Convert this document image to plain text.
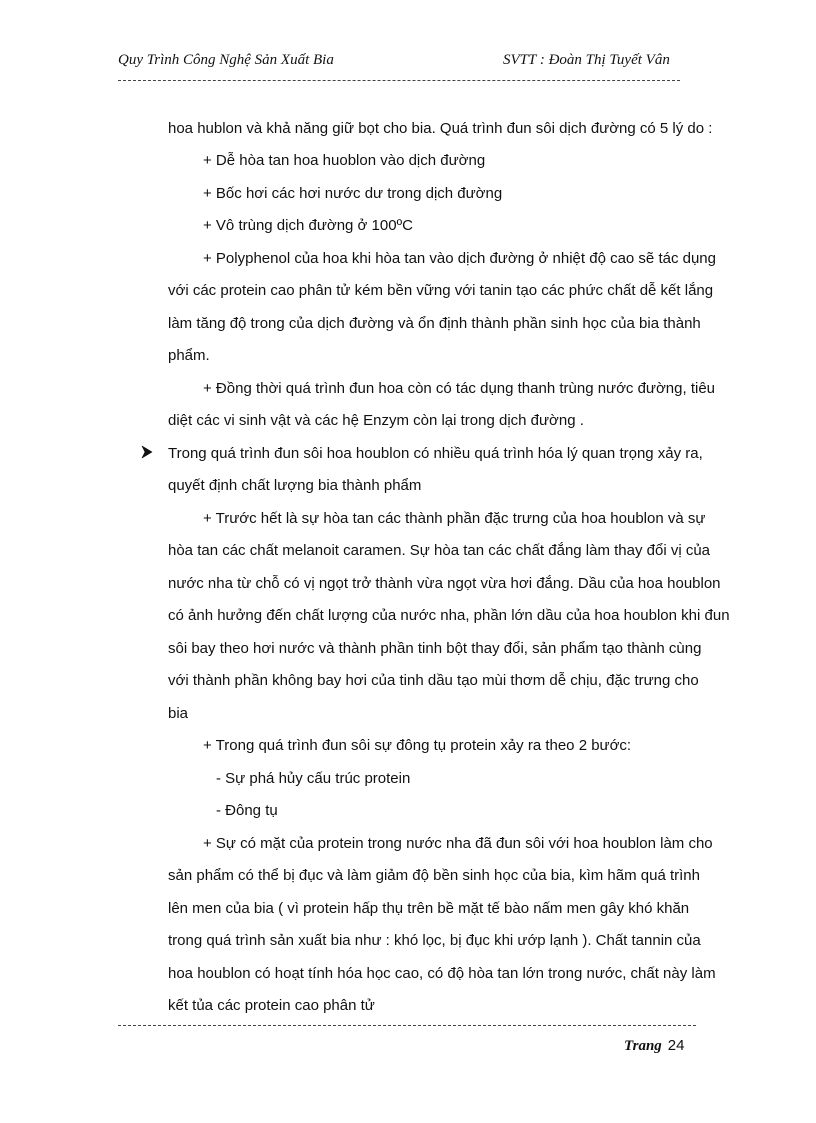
Quy Trình Công Nghệ Sản Xuất Bia	SVTT : Đoàn Thị Tuyết Vân
hoa hublon và khả năng giữ bọt cho bia. Quá trình đun sôi dịch đường có 5 lý do :
+ Dễ hòa tan hoa huoblon vào dịch đường
+ Bốc hơi các hơi nước dư trong dịch đường
+ Vô trùng dịch đường ở 100ºC
+ Polyphenol của hoa khi hòa tan vào dịch đường ở nhiệt độ cao sẽ tác dụng
với các protein cao phân tử kém bền vững với tanin tạo các phức chất dễ kết lắng
làm tăng độ trong của dịch đường và ổn định thành phần sinh học của bia thành
phẩm.
+ Đồng thời quá trình đun hoa còn có tác dụng thanh trùng nước đường, tiêu
diệt các vi sinh vật và các hệ Enzym còn lại trong dịch đường .
Trong quá trình đun sôi hoa houblon có nhiều quá trình hóa lý quan trọng xảy ra,
quyết định chất lượng bia thành phẩm
+ Trước hết là sự hòa tan các thành phần đặc trưng của hoa houblon và sự
hòa tan các chất melanoit caramen. Sự hòa tan các chất đắng làm thay đổi vị của
nước nha từ chỗ có vị ngọt trở thành vừa ngọt vừa hơi đắng. Dầu của hoa houblon
có ảnh hưởng đến chất lượng của nước nha, phần lớn dầu của hoa houblon khi đun
sôi bay theo hơi nước và thành phần tinh bột thay đổi, sản phẩm tạo thành cùng
với thành phần không bay hơi của tinh dầu tạo mùi thơm dễ chịu, đặc trưng cho
bia
+ Trong quá trình đun sôi sự đông tụ protein xảy ra theo 2 bước:
- Sự phá hủy cấu trúc protein
- Đông tụ
+ Sự có mặt của protein trong nước nha đã đun sôi với hoa houblon làm cho
sản phẩm có thể bị đục và làm giảm độ bền sinh học của bia, kìm hãm quá trình
lên men của bia ( vì protein hấp thụ trên bề mặt tế bào nấm men gây khó khăn
trong quá trình sản xuất bia như : khó lọc, bị đục khi ướp lạnh ). Chất tannin của
hoa houblon có hoạt tính hóa học cao, có độ hòa tan lớn trong nước, chất này làm
kết tủa các protein cao phân tử
Trang 24
